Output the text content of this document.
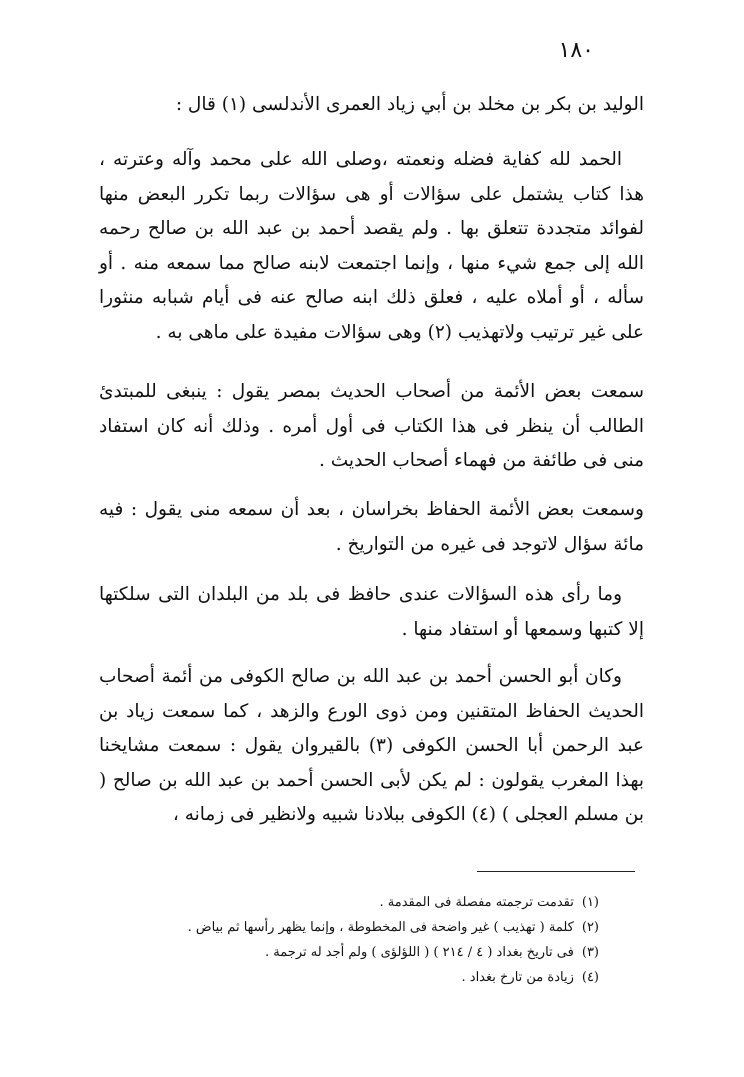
١٨٠

الوليد بن بكر بن مخلد بن أبي زياد العمرى الأندلسى (١) قال :

الحمد لله كفاية فضله ونعمته ،وصلى الله على محمد وآله وعترته ، هذا كتاب يشتمل على سؤالات أو هى سؤالات ربما تكرر البعض منها لفوائد متجددة تتعلق بها . ولم يقصد أحمد بن عبد الله بن صالح رحمه الله إلى جمع شيء منها ، وإنما اجتمعت لابنه صالح مما سمعه منه . أو سأله ، أو أملاه عليه ، فعلق ذلك ابنه صالح عنه فى أيام شبابه منثورا على غير ترتيب ولاتهذيب (٢) وهى سؤالات مفيدة على ماهى به .

سمعت بعض الأئمة من أصحاب الحديث بمصر يقول : ينبغى للمبتدئ الطالب أن ينظر فى هذا الكتاب فى أول أمره . وذلك أنه كان استفاد منى فى طائفة من فهماء أصحاب الحديث .

وسمعت بعض الأئمة الحفاظ بخراسان ، بعد أن سمعه منى يقول : فيه مائة سؤال لاتوجد فى غيره من التواريخ .

وما رأى هذه السؤالات عندى حافظ فى بلد من البلدان التى سلكتها إلا كتبها وسمعها أو استفاد منها .

وكان أبو الحسن أحمد بن عبد الله بن صالح الكوفى من أئمة أصحاب الحديث الحفاظ المتقنين ومن ذوى الورع والزهد ، كما سمعت زياد بن عبد الرحمن أبا الحسن الكوفى (٣) بالقيروان يقول : سمعت مشايخنا بهذا المغرب يقولون : لم يكن لأبى الحسن أحمد بن عبد الله بن صالح ( بن مسلم العجلى ) (٤) الكوفى ببلادنا شبيه ولانظير فى زمانه ،

(١)تقدمت ترجمته مفصلة فى المقدمة .
(٢)كلمة ( تهذيب ) غير واضحة فى المخطوطة ، وإنما يظهر رأسها ثم بياض .
(٣)فى تاريخ بغداد ( ٤ / ٢١٤ ) ( اللؤلؤى ) ولم أجد له ترجمة .
(٤)زيادة من تارخ بغداد .
